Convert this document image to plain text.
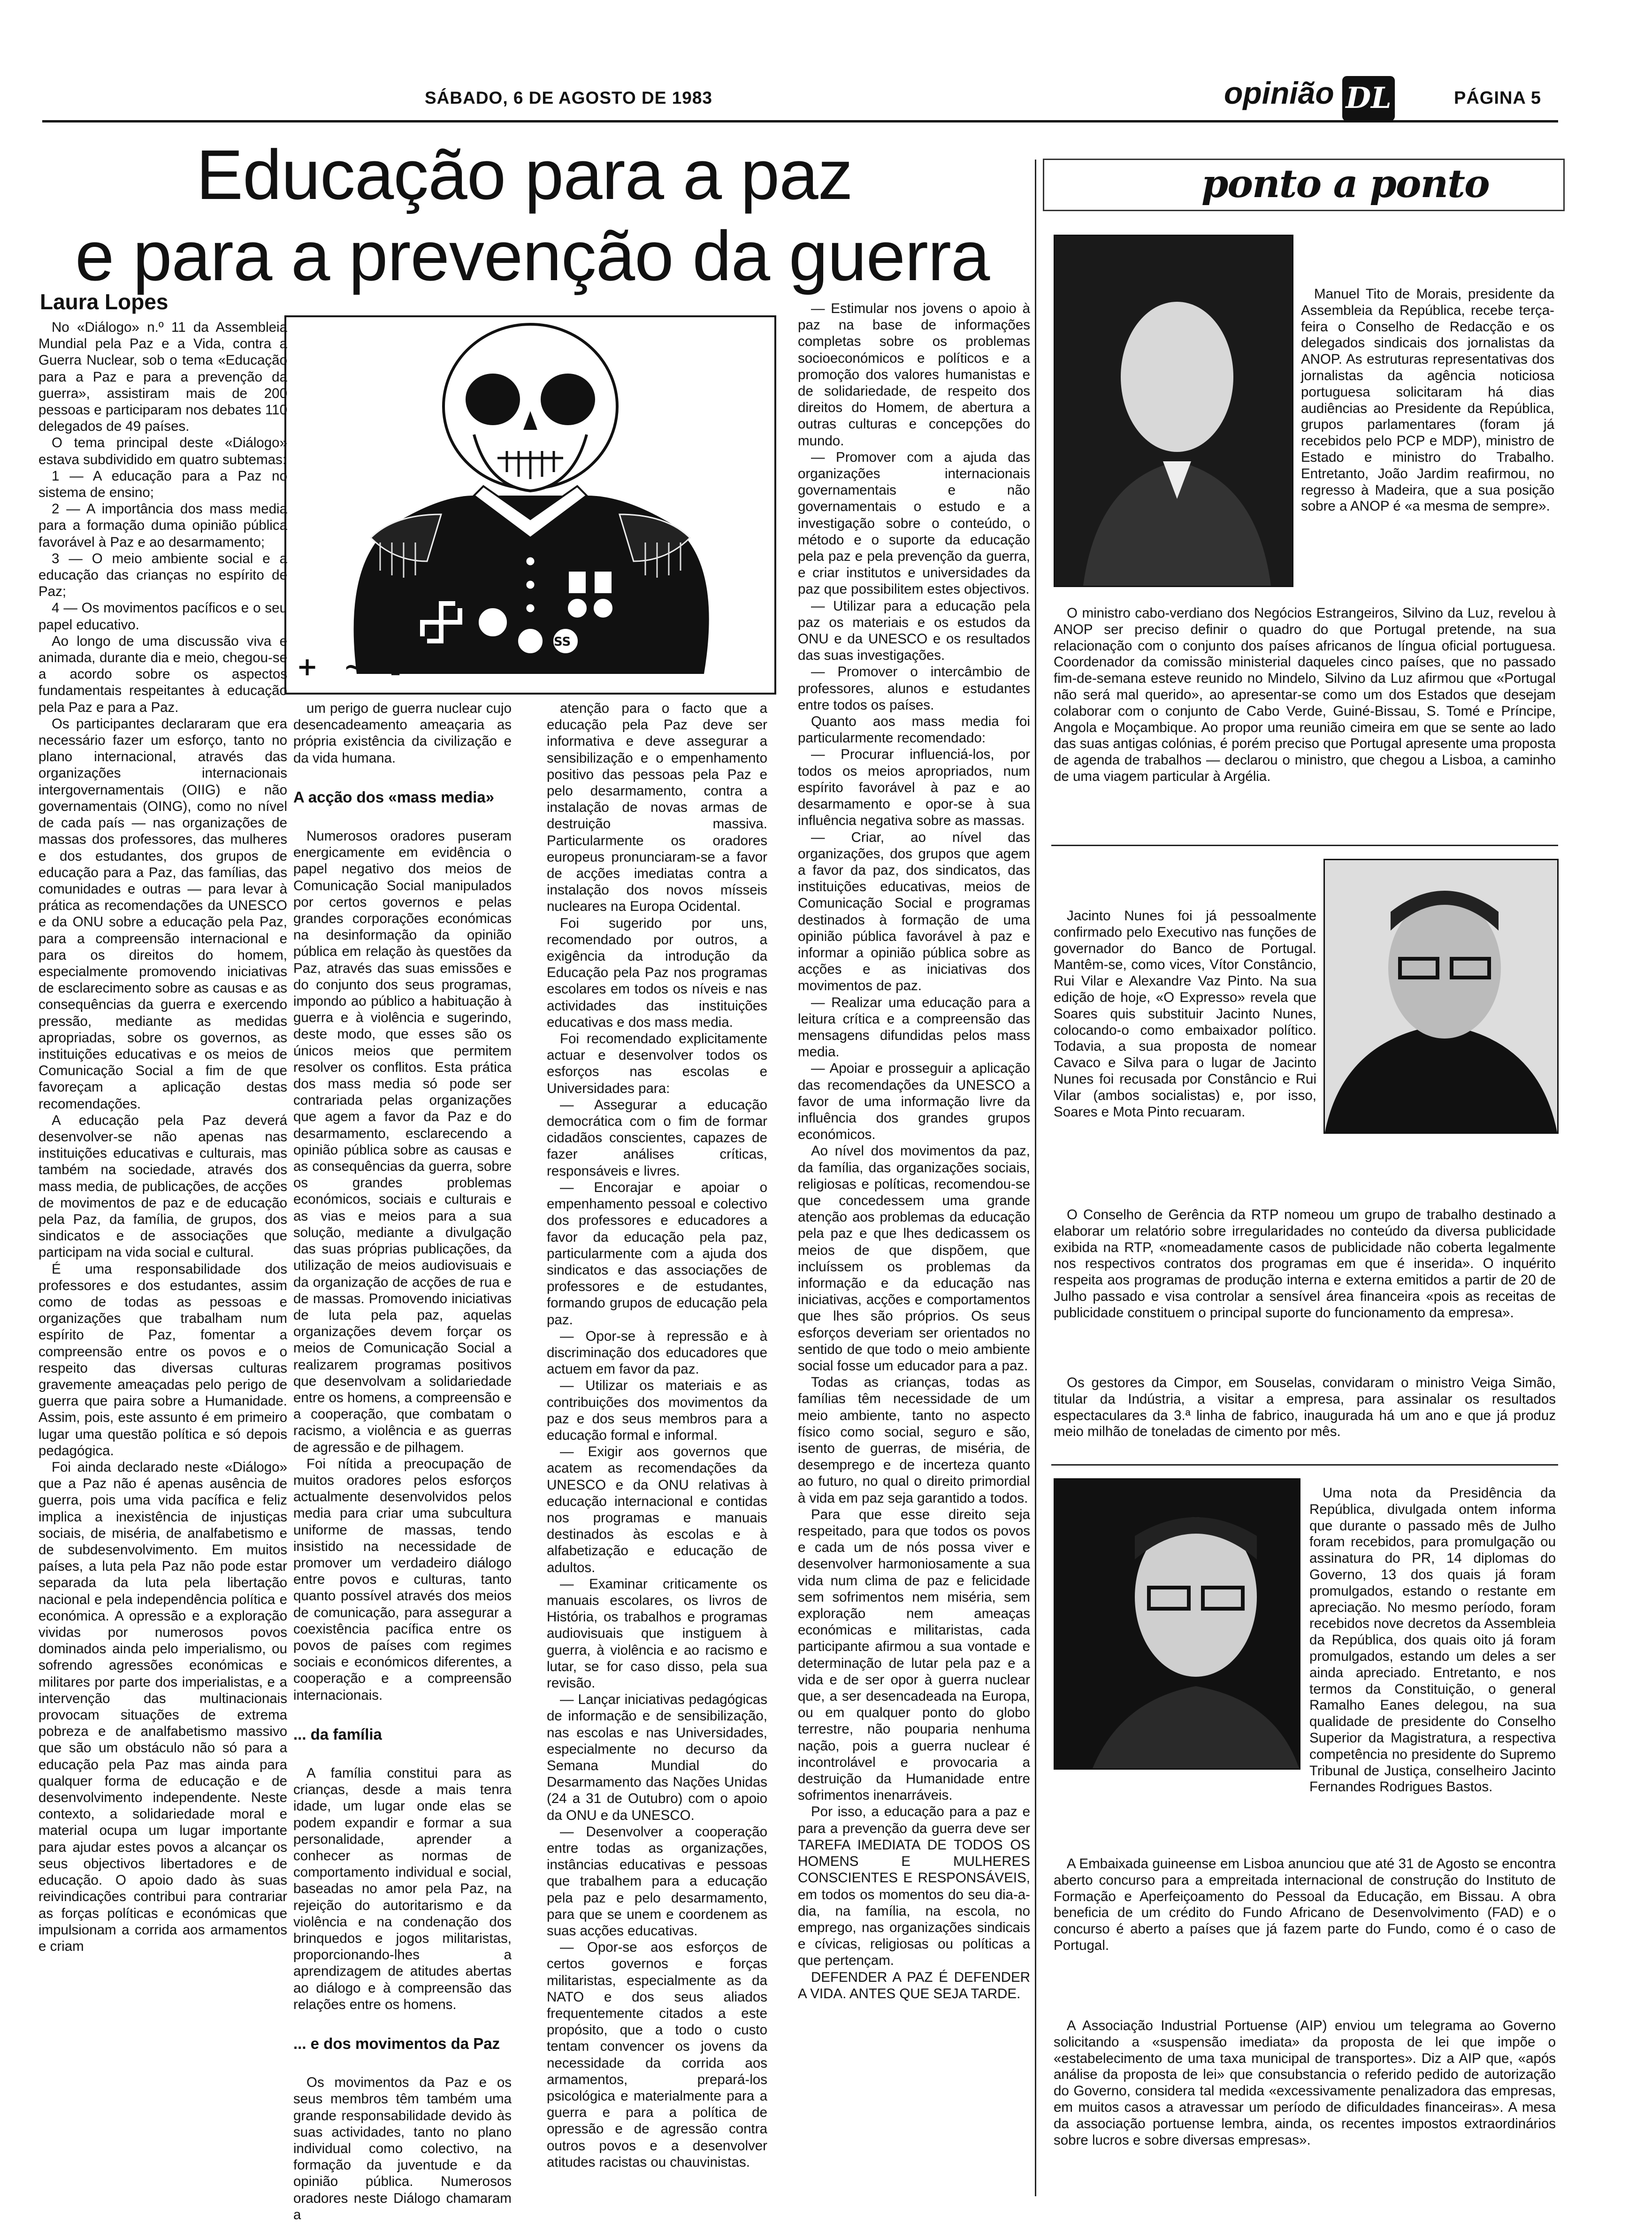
SÁBADO, 6 DE AGOSTO DE 1983	opinião DL	PÁGINA 5
Educação para a paz
e para a prevenção da guerra
Laura Lopes
SS
+ ~ l ~

No «Diálogo» n.º 11 da Assembleia Mundial pela Paz e a Vida, contra a Guerra Nuclear, sob o tema «Educação para a Paz e para a prevenção da guerra», assistiram mais de 200 pessoas e participaram nos debates 110 delegados de 49 países.

O tema principal deste «Diálogo» estava subdividido em quatro subtemas:

1 — A educação para a Paz no sistema de ensino;

2 — A importância dos mass media para a formação duma opinião pública favorável à Paz e ao desarmamento;

3 — O meio ambiente social e a educação das crianças no espírito de Paz;

4 — Os movimentos pacíficos e o seu papel educativo.

Ao longo de uma discussão viva e animada, durante dia e meio, chegou-se a acordo sobre os aspectos fundamentais respeitantes à educação pela Paz e para a Paz.

Os participantes declararam que era necessário fazer um esforço, tanto no plano internacional, através das organizações internacionais intergovernamentais (OIIG) e não governamentais (OING), como no nível de cada país — nas organizações de massas dos professores, das mulheres e dos estudantes, dos grupos de educação para a Paz, das famílias, das comunidades e outras — para levar à prática as recomendações da UNESCO e da ONU sobre a educação pela Paz, para a compreensão internacional e para os direitos do homem, especialmente promovendo iniciativas de esclarecimento sobre as causas e as consequências da guerra e exercendo pressão, mediante as medidas apropriadas, sobre os governos, as instituições educativas e os meios de Comunicação Social a fim de que favoreçam a aplicação destas recomendações.

A educação pela Paz deverá desenvolver-se não apenas nas instituições educativas e culturais, mas também na sociedade, através dos mass media, de publicações, de acções de movimentos de paz e de educação pela Paz, da família, de grupos, dos sindicatos e de associações que participam na vida social e cultural.

É uma responsabilidade dos professores e dos estudantes, assim como de todas as pessoas e organizações que trabalham num espírito de Paz, fomentar a compreensão entre os povos e o respeito das diversas culturas gravemente ameaçadas pelo perigo de guerra que paira sobre a Humanidade. Assim, pois, este assunto é em primeiro lugar uma questão política e só depois pedagógica.

Foi ainda declarado neste «Diálogo» que a Paz não é apenas ausência de guerra, pois uma vida pacífica e feliz implica a inexistência de injustiças sociais, de miséria, de analfabetismo e de subdesenvolvimento. Em muitos países, a luta pela Paz não pode estar separada da luta pela libertação nacional e pela independência política e económica. A opressão e a exploração vividas por numerosos povos dominados ainda pelo imperialismo, ou sofrendo agressões económicas e militares por parte dos imperialistas, e a intervenção das multinacionais provocam situações de extrema pobreza e de analfabetismo massivo que são um obstáculo não só para a educação pela Paz mas ainda para qualquer forma de educação e de desenvolvimento independente. Neste contexto, a solidariedade moral e material ocupa um lugar importante para ajudar estes povos a alcançar os seus objectivos libertadores e de educação. O apoio dado às suas reivindicações contribui para contrariar as forças políticas e económicas que impulsionam a corrida aos armamentos e criam

um perigo de guerra nuclear cujo desencadeamento ameaçaria as própria existência da civilização e da vida humana.

A acção dos «mass media»

Numerosos oradores puseram energicamente em evidência o papel negativo dos meios de Comunicação Social manipulados por certos governos e pelas grandes corporações económicas na desinformação da opinião pública em relação às questões da Paz, através das suas emissões e do conjunto dos seus programas, impondo ao público a habituação à guerra e à violência e sugerindo, deste modo, que esses são os únicos meios que permitem resolver os conflitos. Esta prática dos mass media só pode ser contrariada pelas organizações que agem a favor da Paz e do desarmamento, esclarecendo a opinião pública sobre as causas e as consequências da guerra, sobre os grandes problemas económicos, sociais e culturais e as vias e meios para a sua solução, mediante a divulgação das suas próprias publicações, da utilização de meios audiovisuais e da organização de acções de rua e de massas. Promovendo iniciativas de luta pela paz, aquelas organizações devem forçar os meios de Comunicação Social a realizarem programas positivos que desenvolvam a solidariedade entre os homens, a compreensão e a cooperação, que combatam o racismo, a violência e as guerras de agressão e de pilhagem.

Foi nítida a preocupação de muitos oradores pelos esforços actualmente desenvolvidos pelos media para criar uma subcultura uniforme de massas, tendo insistido na necessidade de promover um verdadeiro diálogo entre povos e culturas, tanto quanto possível através dos meios de comunicação, para assegurar a coexistência pacífica entre os povos de países com regimes sociais e económicos diferentes, a cooperação e a compreensão internacionais.

... da família

A família constitui para as crianças, desde a mais tenra idade, um lugar onde elas se podem expandir e formar a sua personalidade, aprender a conhecer as normas de comportamento individual e social, baseadas no amor pela Paz, na rejeição do autoritarismo e da violência e na condenação dos brinquedos e jogos militaristas, proporcionando-lhes a aprendizagem de atitudes abertas ao diálogo e à compreensão das relações entre os homens.

... e dos movimentos da Paz

Os movimentos da Paz e os seus membros têm também uma grande responsabilidade devido às suas actividades, tanto no plano individual como colectivo, na formação da juventude e da opinião pública. Numerosos oradores neste Diálogo chamaram a

atenção para o facto que a educação pela Paz deve ser informativa e deve assegurar a sensibilização e o empenhamento positivo das pessoas pela Paz e pelo desarmamento, contra a instalação de novas armas de destruição massiva. Particularmente os oradores europeus pronunciaram-se a favor de acções imediatas contra a instalação dos novos mísseis nucleares na Europa Ocidental.

Foi sugerido por uns, recomendado por outros, a exigência da introdução da Educação pela Paz nos programas escolares em todos os níveis e nas actividades das instituições educativas e dos mass media.

Foi recomendado explicitamente actuar e desenvolver todos os esforços nas escolas e Universidades para:

— Assegurar a educação democrática com o fim de formar cidadãos conscientes, capazes de fazer análises críticas, responsáveis e livres.

— Encorajar e apoiar o empenhamento pessoal e colectivo dos professores e educadores a favor da educação pela paz, particularmente com a ajuda dos sindicatos e das associações de professores e de estudantes, formando grupos de educação pela paz.

— Opor-se à repressão e à discriminação dos educadores que actuem em favor da paz.

— Utilizar os materiais e as contribuições dos movimentos da paz e dos seus membros para a educação formal e informal.

— Exigir aos governos que acatem as recomendações da UNESCO e da ONU relativas à educação internacional e contidas nos programas e manuais destinados às escolas e à alfabetização e educação de adultos.

— Examinar criticamente os manuais escolares, os livros de História, os trabalhos e programas audiovisuais que instiguem à guerra, à violência e ao racismo e lutar, se for caso disso, pela sua revisão.

— Lançar iniciativas pedagógicas de informação e de sensibilização, nas escolas e nas Universidades, especialmente no decurso da Semana Mundial do Desarmamento das Nações Unidas (24 a 31 de Outubro) com o apoio da ONU e da UNESCO.

— Desenvolver a cooperação entre todas as organizações, instâncias educativas e pessoas que trabalhem para a educação pela paz e pelo desarmamento, para que se unem e coordenem as suas acções educativas.

— Opor-se aos esforços de certos governos e forças militaristas, especialmente as da NATO e dos seus aliados frequentemente citados a este propósito, que a todo o custo tentam convencer os jovens da necessidade da corrida aos armamentos, prepará-los psicológica e materialmente para a guerra e para a política de opressão e de agressão contra outros povos e a desenvolver atitudes racistas ou chauvinistas.

— Estimular nos jovens o apoio à paz na base de informações completas sobre os problemas socioeconómicos e políticos e a promoção dos valores humanistas e de solidariedade, de respeito dos direitos do Homem, de abertura a outras culturas e concepções do mundo.

— Promover com a ajuda das organizações internacionais governamentais e não governamentais o estudo e a investigação sobre o conteúdo, o método e o suporte da educação pela paz e pela prevenção da guerra, e criar institutos e universidades da paz que possibilitem estes objectivos.

— Utilizar para a educação pela paz os materiais e os estudos da ONU e da UNESCO e os resultados das suas investigações.

— Promover o intercâmbio de professores, alunos e estudantes entre todos os países.

Quanto aos mass media foi particularmente recomendado:

— Procurar influenciá-los, por todos os meios apropriados, num espírito favorável à paz e ao desarmamento e opor-se à sua influência negativa sobre as massas.

— Criar, ao nível das organizações, dos grupos que agem a favor da paz, dos sindicatos, das instituições educativas, meios de Comunicação Social e programas destinados à formação de uma opinião pública favorável à paz e informar a opinião pública sobre as acções e as iniciativas dos movimentos de paz.

— Realizar uma educação para a leitura crítica e a compreensão das mensagens difundidas pelos mass media.

— Apoiar e prosseguir a aplicação das recomendações da UNESCO a favor de uma informação livre da influência dos grandes grupos económicos.

Ao nível dos movimentos da paz, da família, das organizações sociais, religiosas e políticas, recomendou-se que concedessem uma grande atenção aos problemas da educação pela paz e que lhes dedicassem os meios de que dispõem, que incluíssem os problemas da informação e da educação nas iniciativas, acções e comportamentos que lhes são próprios. Os seus esforços deveriam ser orientados no sentido de que todo o meio ambiente social fosse um educador para a paz.

Todas as crianças, todas as famílias têm necessidade de um meio ambiente, tanto no aspecto físico como social, seguro e são, isento de guerras, de miséria, de desemprego e de incerteza quanto ao futuro, no qual o direito primordial à vida em paz seja garantido a todos.

Para que esse direito seja respeitado, para que todos os povos e cada um de nós possa viver e desenvolver harmoniosamente a sua vida num clima de paz e felicidade sem sofrimentos nem miséria, sem exploração nem ameaças económicas e militaristas, cada participante afirmou a sua vontade e determinação de lutar pela paz e a vida e de ser opor à guerra nuclear que, a ser desencadeada na Europa, ou em qualquer ponto do globo terrestre, não pouparia nenhuma nação, pois a guerra nuclear é incontrolável e provocaria a destruição da Humanidade entre sofrimentos inenarráveis.

Por isso, a educação para a paz e para a prevenção da guerra deve ser TAREFA IMEDIATA DE TODOS OS HOMENS E MULHERES CONSCIENTES E RESPONSÁVEIS, em todos os momentos do seu dia-a-dia, na família, na escola, no emprego, nas organizações sindicais e cívicas, religiosas ou políticas a que pertençam.

DEFENDER A PAZ É DEFENDER A VIDA. ANTES QUE SEJA TARDE.

ponto a ponto

Manuel Tito de Morais, presidente da Assembleia da República, recebe terça-feira o Conselho de Redacção e os delegados sindicais dos jornalistas da ANOP. As estruturas representativas dos jornalistas da agência noticiosa portuguesa solicitaram há dias audiências ao Presidente da República, grupos parlamentares (foram já recebidos pelo PCP e MDP), ministro de Estado e ministro do Trabalho. Entretanto, João Jardim reafirmou, no regresso à Madeira, que a sua posição sobre a ANOP é «a mesma de sempre».

O ministro cabo-verdiano dos Negócios Estrangeiros, Silvino da Luz, revelou à ANOP ser preciso definir o quadro do que Portugal pretende, na sua relacionação com o conjunto dos países africanos de língua oficial portuguesa. Coordenador da comissão ministerial daqueles cinco países, que no passado fim-de-semana esteve reunido no Mindelo, Silvino da Luz afirmou que «Portugal não será mal querido», ao apresentar-se como um dos Estados que desejam colaborar com o conjunto de Cabo Verde, Guiné-Bissau, S. Tomé e Príncipe, Angola e Moçambique. Ao propor uma reunião cimeira em que se sente ao lado das suas antigas colónias, é porém preciso que Portugal apresente uma proposta de agenda de trabalhos — declarou o ministro, que chegou a Lisboa, a caminho de uma viagem particular à Argélia.

Jacinto Nunes foi já pessoalmente confirmado pelo Executivo nas funções de governador do Banco de Portugal. Mantêm-se, como vices, Vítor Constâncio, Rui Vilar e Alexandre Vaz Pinto. Na sua edição de hoje, «O Expresso» revela que Soares quis substituir Jacinto Nunes, colocando-o como embaixador político. Todavia, a sua proposta de nomear Cavaco e Silva para o lugar de Jacinto Nunes foi recusada por Constâncio e Rui Vilar (ambos socialistas) e, por isso, Soares e Mota Pinto recuaram.

O Conselho de Gerência da RTP nomeou um grupo de trabalho destinado a elaborar um relatório sobre irregularidades no conteúdo da diversa publicidade exibida na RTP, «nomeadamente casos de publicidade não coberta legalmente nos respectivos contratos dos programas em que é inserida». O inquérito respeita aos programas de produção interna e externa emitidos a partir de 20 de Julho passado e visa controlar a sensível área financeira «pois as receitas de publicidade constituem o principal suporte do funcionamento da empresa».

Os gestores da Cimpor, em Souselas, convidaram o ministro Veiga Simão, titular da Indústria, a visitar a empresa, para assinalar os resultados espectaculares da 3.ª linha de fabrico, inaugurada há um ano e que já produz meio milhão de toneladas de cimento por mês.

Uma nota da Presidência da República, divulgada ontem informa que durante o passado mês de Julho foram recebidos, para promulgação ou assinatura do PR, 14 diplomas do Governo, 13 dos quais já foram promulgados, estando o restante em apreciação. No mesmo período, foram recebidos nove decretos da Assembleia da República, dos quais oito já foram promulgados, estando um deles a ser ainda apreciado. Entretanto, e nos termos da Constituição, o general Ramalho Eanes delegou, na sua qualidade de presidente do Conselho Superior da Magistratura, a respectiva competência no presidente do Supremo Tribunal de Justiça, conselheiro Jacinto Fernandes Rodrigues Bastos.

A Embaixada guineense em Lisboa anunciou que até 31 de Agosto se encontra aberto concurso para a empreitada internacional de construção do Instituto de Formação e Aperfeiçoamento do Pessoal da Educação, em Bissau. A obra beneficia de um crédito do Fundo Africano de Desenvolvimento (FAD) e o concurso é aberto a países que já fazem parte do Fundo, como é o caso de Portugal.

A Associação Industrial Portuense (AIP) enviou um telegrama ao Governo solicitando a «suspensão imediata» da proposta de lei que impõe o «estabelecimento de uma taxa municipal de transportes». Diz a AIP que, «após análise da proposta de lei» que consubstancia o referido pedido de autorização do Governo, considera tal medida «excessivamente penalizadora das empresas, em muitos casos a atravessar um período de dificuldades financeiras». A mesa da associação portuense lembra, ainda, os recentes impostos extraordinários sobre lucros e sobre diversas empresas».
